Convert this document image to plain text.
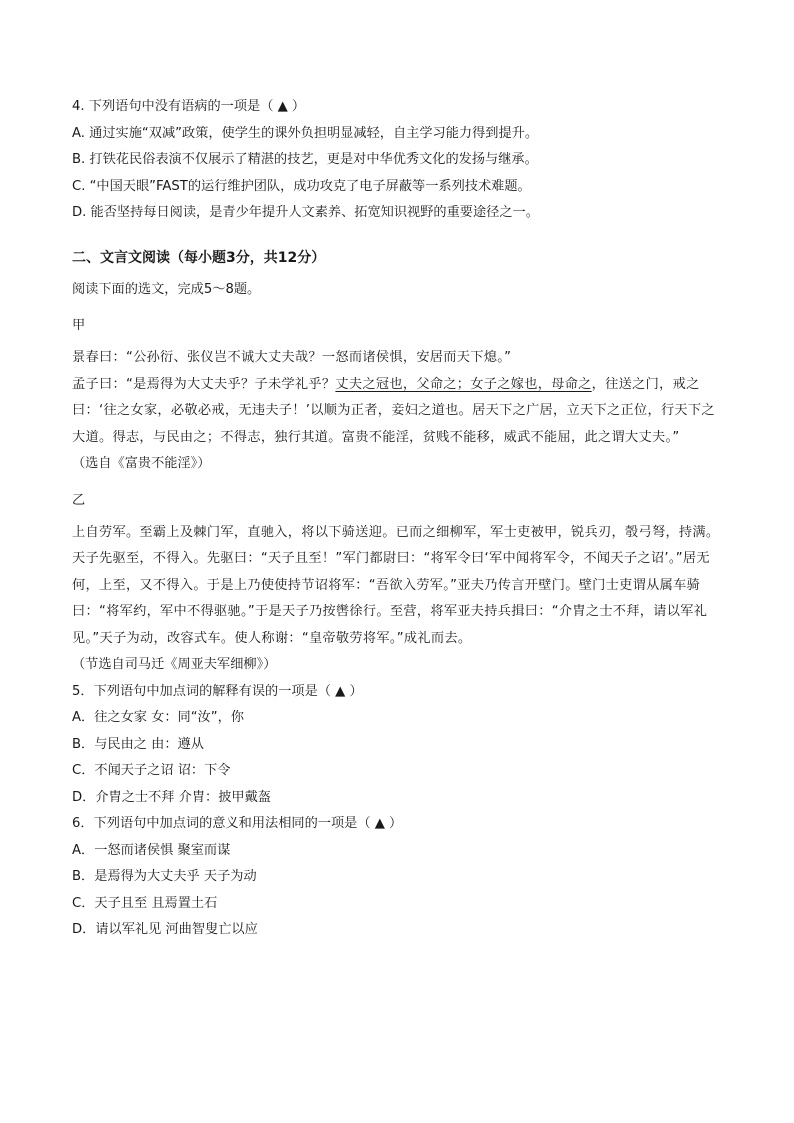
4. 下列语句中没有语病的一项是（ ▲ ）
A. 通过实施“双减”政策，使学生的课外负担明显减轻，自主学习能力得到提升。
B. 打铁花民俗表演不仅展示了精湛的技艺，更是对中华优秀文化的发扬与继承。
C. “中国天眼”FAST的运行维护团队，成功攻克了电子屏蔽等一系列技术难题。
D. 能否坚持每日阅读，是青少年提升人文素养、拓宽知识视野的重要途径之一。
二、文言文阅读（每小题3分，共12分）
阅读下面的选文，完成5～8题。
甲
景春曰：“公孙衍、张仪岂不诚大丈夫哉？一怒而诸侯惧，安居而天下熄。”
孟子曰：“是焉得为大丈夫乎？子未学礼乎？丈夫之冠也，父命之；女子之嫁也，母命之，往送之门，戒之曰：‘往之女家，必敬必戒，无违夫子！’以顺为正者，妾妇之道也。居天下之广居，立天下之正位，行天下之大道。得志，与民由之；不得志，独行其道。富贵不能淫，贫贱不能移，威武不能屈，此之谓大丈夫。”
（选自《富贵不能淫》）
乙
上自劳军。至霸上及棘门军，直驰入，将以下骑送迎。已而之细柳军，军士吏被甲，锐兵刃，彀弓弩，持满。天子先驱至，不得入。先驱曰：“天子且至！”军门都尉曰：“将军令曰‘军中闻将军令，不闻天子之诏’。”居无何，上至，又不得入。于是上乃使使持节诏将军：“吾欲入劳军。”亚夫乃传言开壁门。壁门士吏谓从属车骑曰：“将军约，军中不得驱驰。”于是天子乃按辔徐行。至营，将军亚夫持兵揖曰：“介胄之士不拜，请以军礼见。”天子为动，改容式车。使人称谢：“皇帝敬劳将军。”成礼而去。
（节选自司马迁《周亚夫军细柳》）
5．下列语句中加点词的解释有误的一项是（ ▲ ）
A．往之女家 女：同“汝”，你
B．与民由之 由：遵从
C．不闻天子之诏 诏：下令
D．介胄之士不拜 介胄：披甲戴盔
6．下列语句中加点词的意义和用法相同的一项是（ ▲ ）
A．一怒而诸侯惧 聚室而谋
B．是焉得为大丈夫乎 天子为动
C．天子且至 且焉置土石
D．请以军礼见 河曲智叟亡以应
